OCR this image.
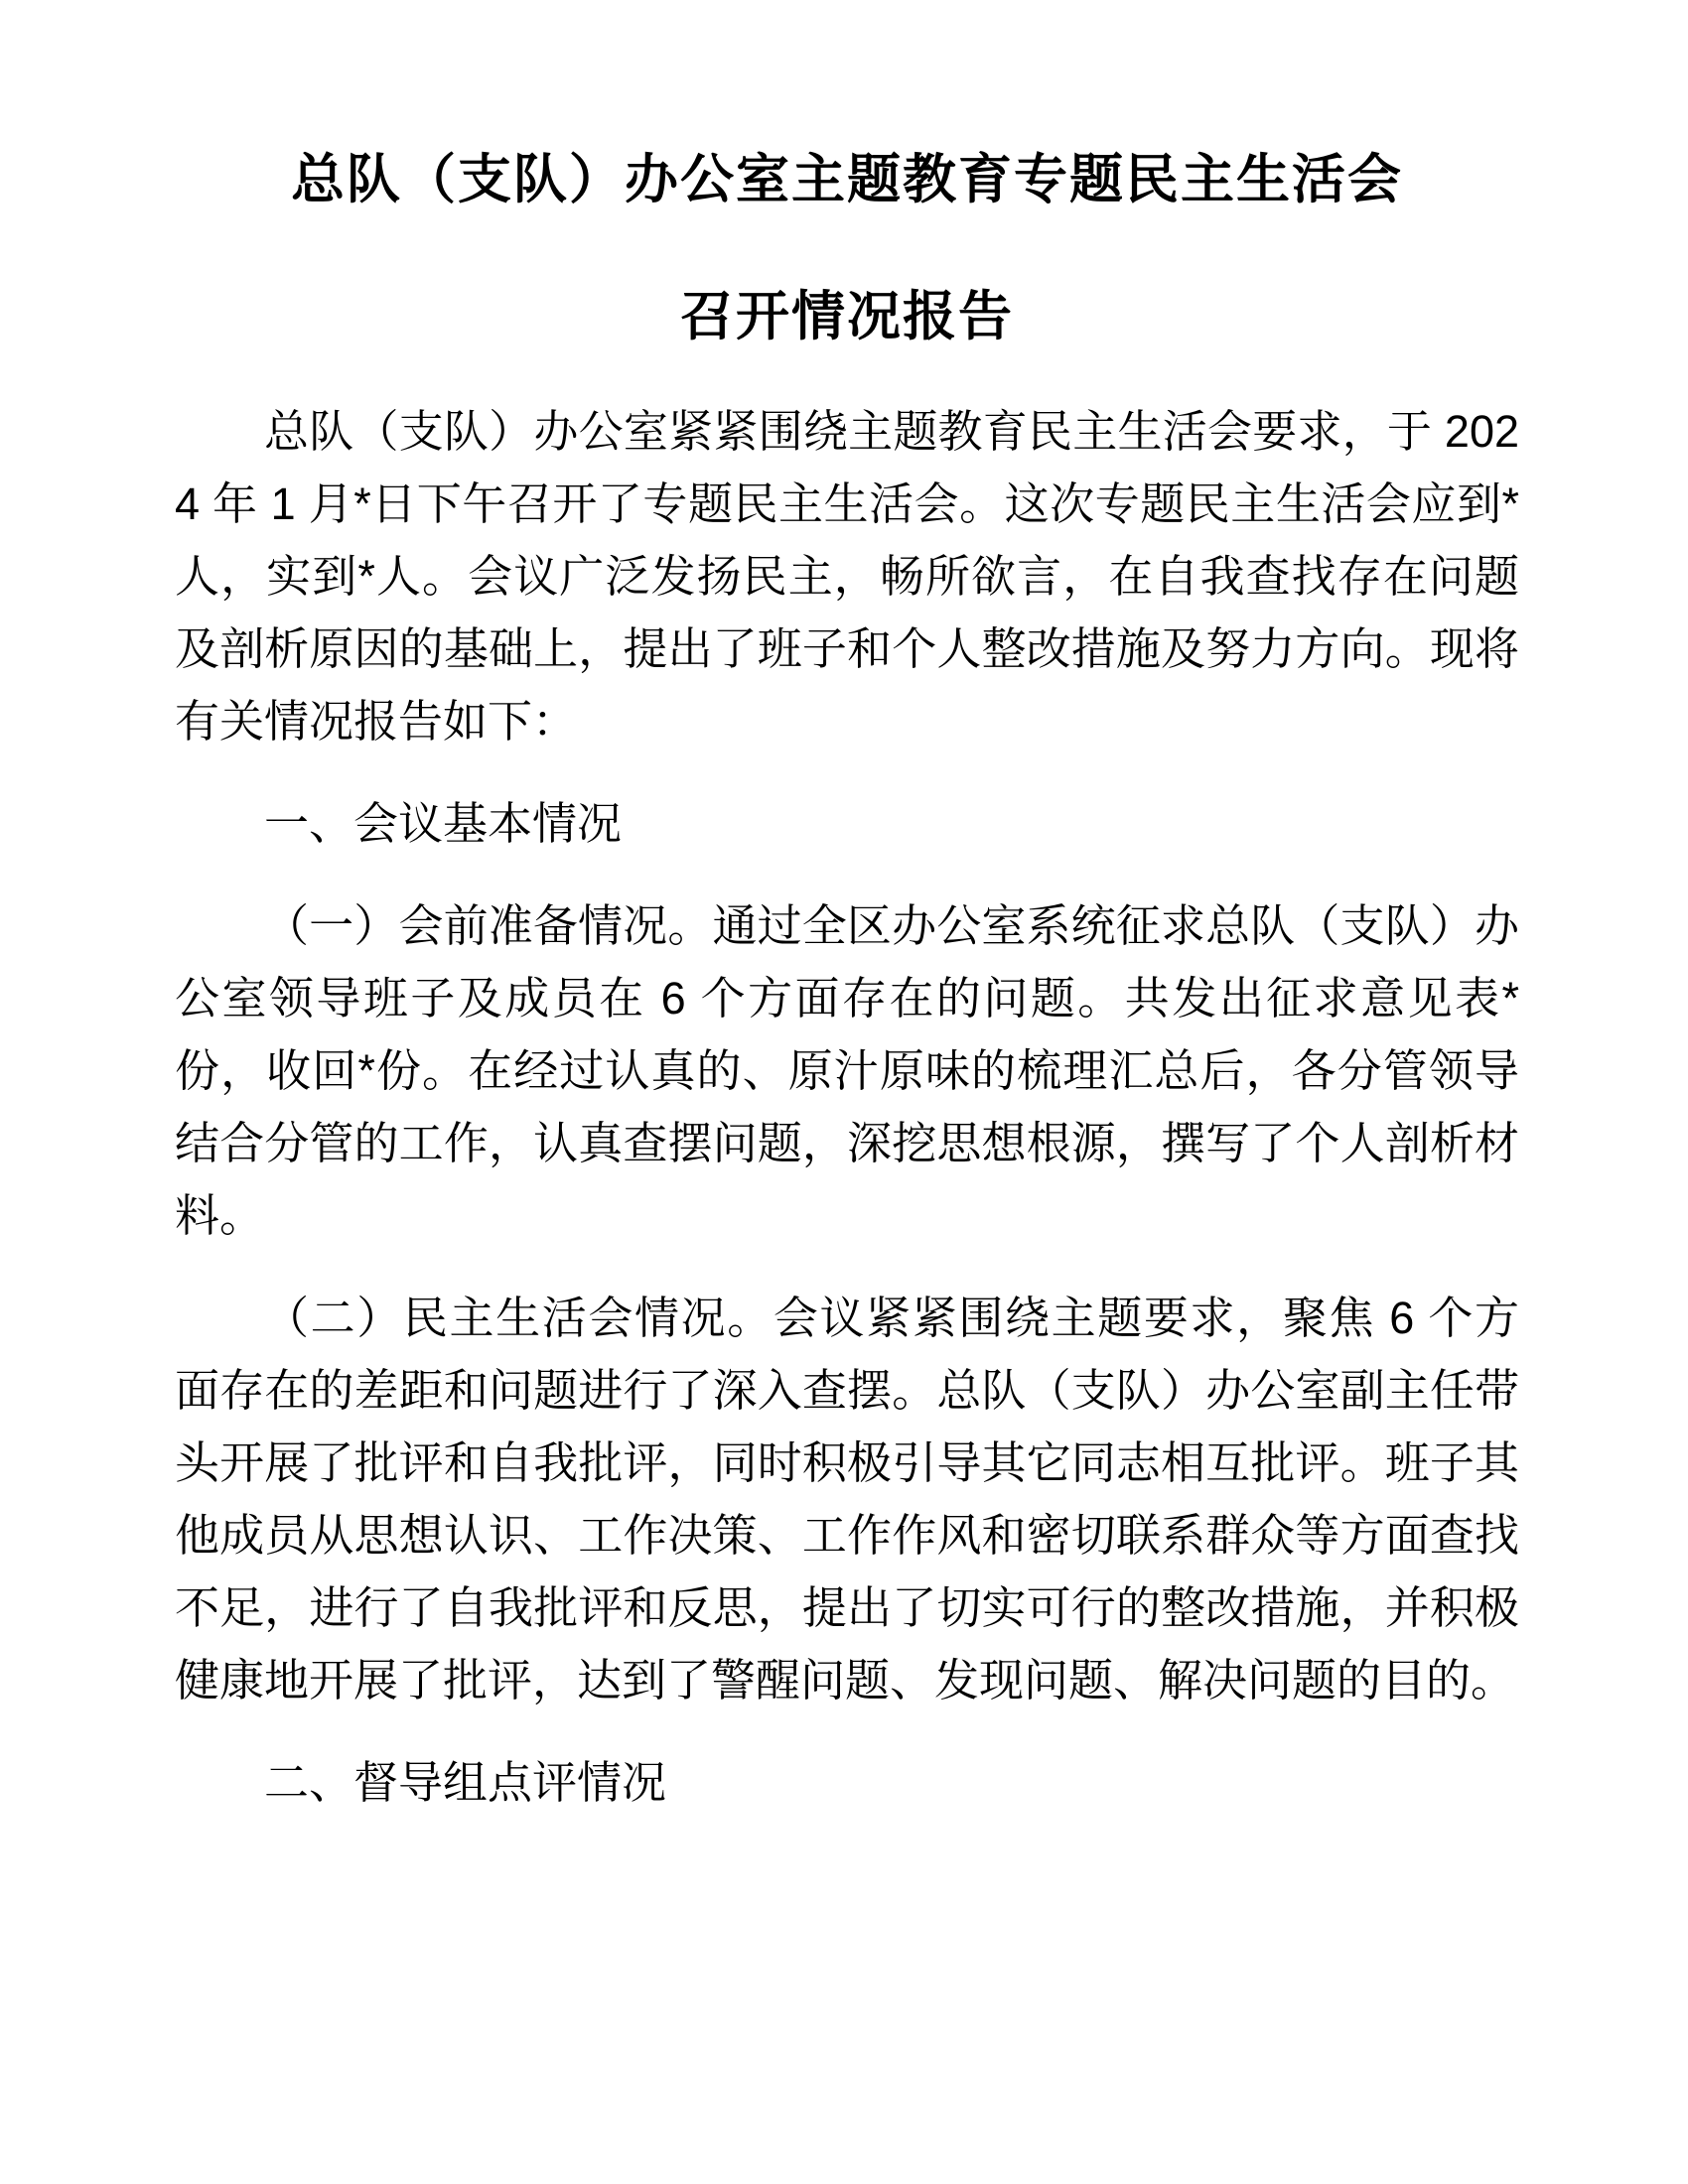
总队（支队）办公室主题教育专题民主生活会
召开情况报告

总队（支队）办公室紧紧围绕主题教育民主生活会要求，于 2024 年 1 月*日下午召开了专题民主生活会。这次专题民主生活会应到*人，实到*人。会议广泛发扬民主，畅所欲言，在自我查找存在问题及剖析原因的基础上，提出了班子和个人整改措施及努力方向。现将有关情况报告如下：

一、会议基本情况

（一）会前准备情况。通过全区办公室系统征求总队（支队）办公室领导班子及成员在 6 个方面存在的问题。共发出征求意见表*份，收回*份。在经过认真的、原汁原味的梳理汇总后，各分管领导结合分管的工作，认真查摆问题，深挖思想根源，撰写了个人剖析材料。

（二）民主生活会情况。会议紧紧围绕主题要求，聚焦 6 个方面存在的差距和问题进行了深入查摆。总队（支队）办公室副主任带头开展了批评和自我批评，同时积极引导其它同志相互批评。班子其他成员从思想认识、工作决策、工作作风和密切联系群众等方面查找不足，进行了自我批评和反思，提出了切实可行的整改措施，并积极健康地开展了批评，达到了警醒问题、发现问题、解决问题的目的。

二、督导组点评情况
